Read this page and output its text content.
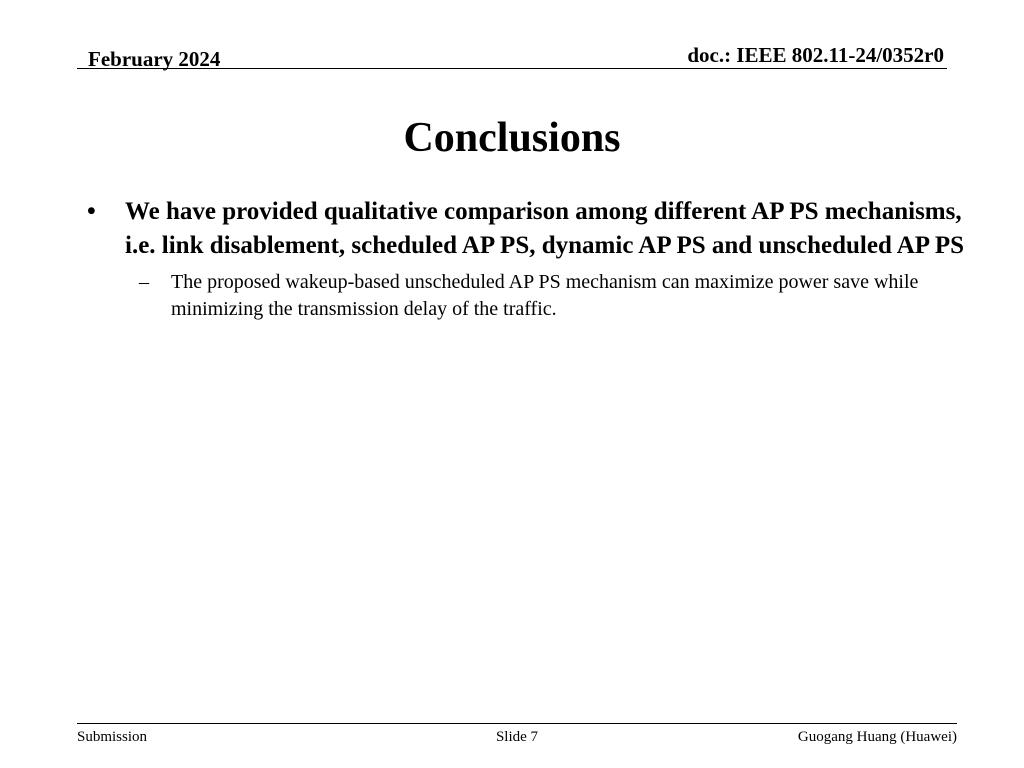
February 2024	doc.: IEEE 802.11-24/0352r0
Conclusions
•	We have provided qualitative comparison among different AP PS mechanisms, i.e. link disablement, scheduled AP PS, dynamic AP PS and unscheduled AP PS
–	The proposed wakeup-based unscheduled AP PS mechanism can maximize power save while minimizing the transmission delay of the traffic.
Submission	Slide 7	Guogang Huang (Huawei)
